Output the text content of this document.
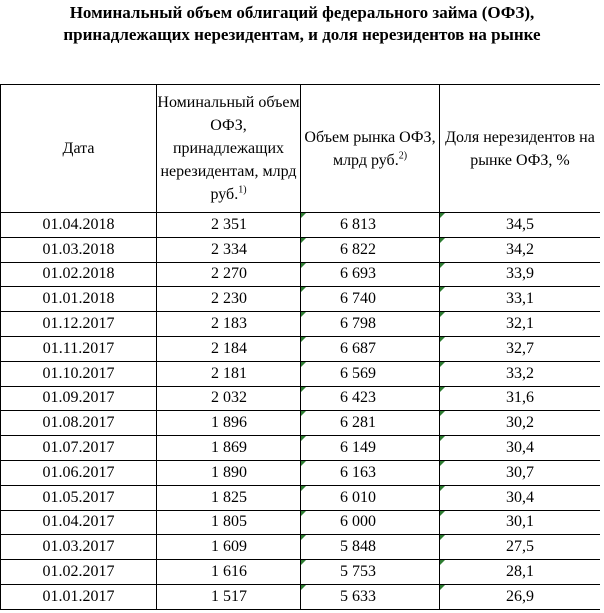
Номинальный объем облигаций федерального займа (ОФЗ),
принадлежащих нерезидентам, и доля нерезидентов на рынке
Дата	Номинальный объем ОФЗ, принадлежащих нерезидентам, млрд руб.$^{1)}$	Объем рынка ОФЗ, млрд руб.$^{2)}$	Доля нерезидентов на рынке ОФЗ, %
01.04.2018	2 351	6 813	34,5
01.03.2018	2 334	6 822	34,2
01.02.2018	2 270	6 693	33,9
01.01.2018	2 230	6 740	33,1
01.12.2017	2 183	6 798	32,1
01.11.2017	2 184	6 687	32,7
01.10.2017	2 181	6 569	33,2
01.09.2017	2 032	6 423	31,6
01.08.2017	1 896	6 281	30,2
01.07.2017	1 869	6 149	30,4
01.06.2017	1 890	6 163	30,7
01.05.2017	1 825	6 010	30,4
01.04.2017	1 805	6 000	30,1
01.03.2017	1 609	5 848	27,5
01.02.2017	1 616	5 753	28,1
01.01.2017	1 517	5 633	26,9
